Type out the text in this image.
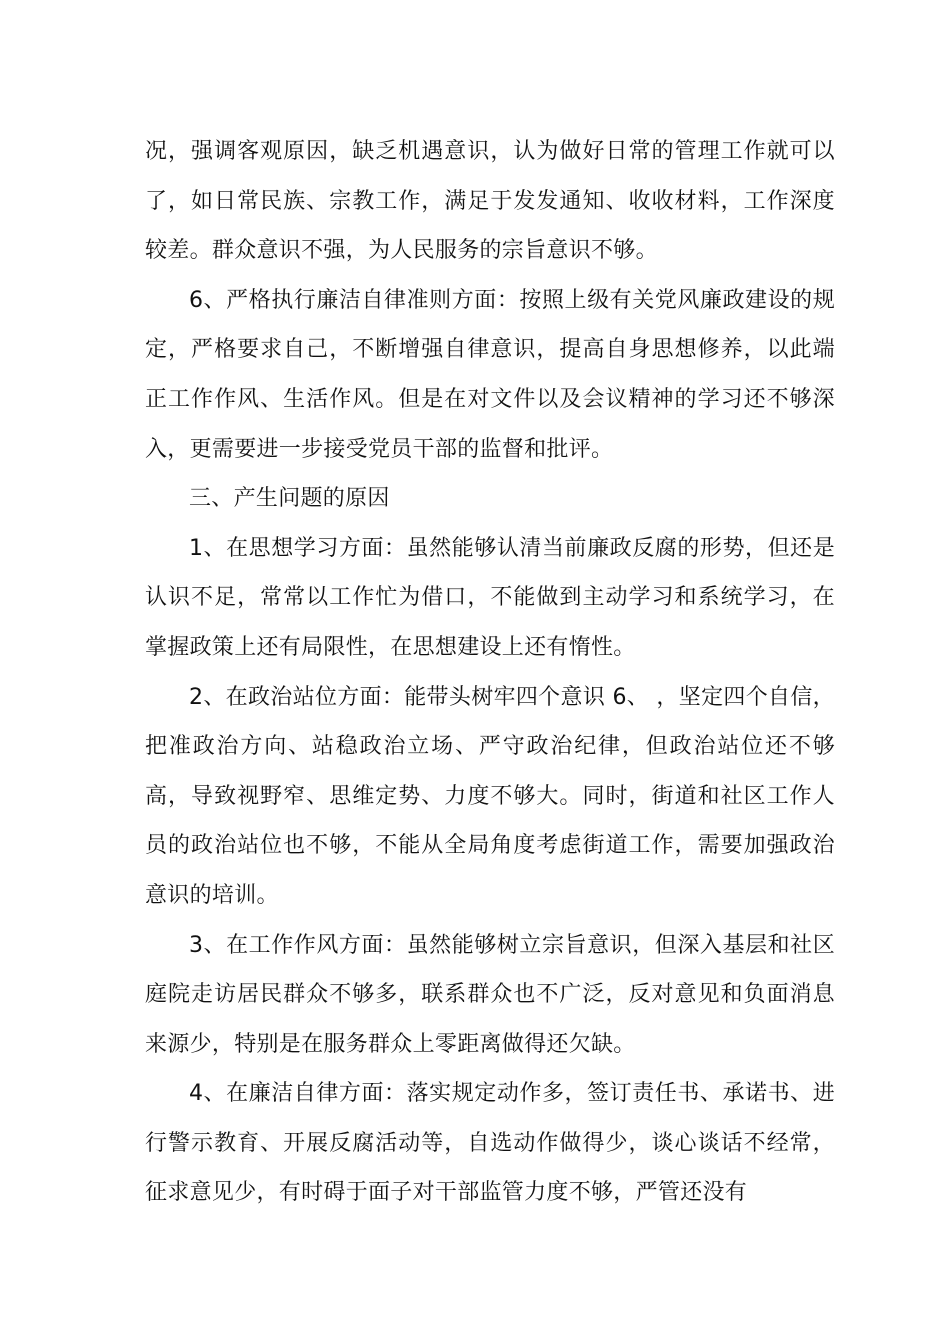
况，强调客观原因，缺乏机遇意识，认为做好日常的管理工作就可以了，如日常民族、宗教工作，满足于发发通知、收收材料，工作深度较差。群众意识不强，为人民服务的宗旨意识不够。

6、严格执行廉洁自律准则方面：按照上级有关党风廉政建设的规定，严格要求自己，不断增强自律意识，提高自身思想修养，以此端正工作作风、生活作风。但是在对文件以及会议精神的学习还不够深入，更需要进一步接受党员干部的监督和批评。

三、产生问题的原因

1、在思想学习方面：虽然能够认清当前廉政反腐的形势，但还是认识不足，常常以工作忙为借口，不能做到主动学习和系统学习，在掌握政策上还有局限性，在思想建设上还有惰性。

2、在政治站位方面：能带头树牢四个意识 6、 ，坚定四个自信，把准政治方向、站稳政治立场、严守政治纪律，但政治站位还不够高，导致视野窄、思维定势、力度不够大。同时，街道和社区工作人员的政治站位也不够，不能从全局角度考虑街道工作，需要加强政治意识的培训。

3、在工作作风方面：虽然能够树立宗旨意识，但深入基层和社区庭院走访居民群众不够多，联系群众也不广泛，反对意见和负面消息来源少，特别是在服务群众上零距离做得还欠缺。

4、在廉洁自律方面：落实规定动作多，签订责任书、承诺书、进行警示教育、开展反腐活动等，自选动作做得少，谈心谈话不经常，征求意见少，有时碍于面子对干部监管力度不够，严管还没有
